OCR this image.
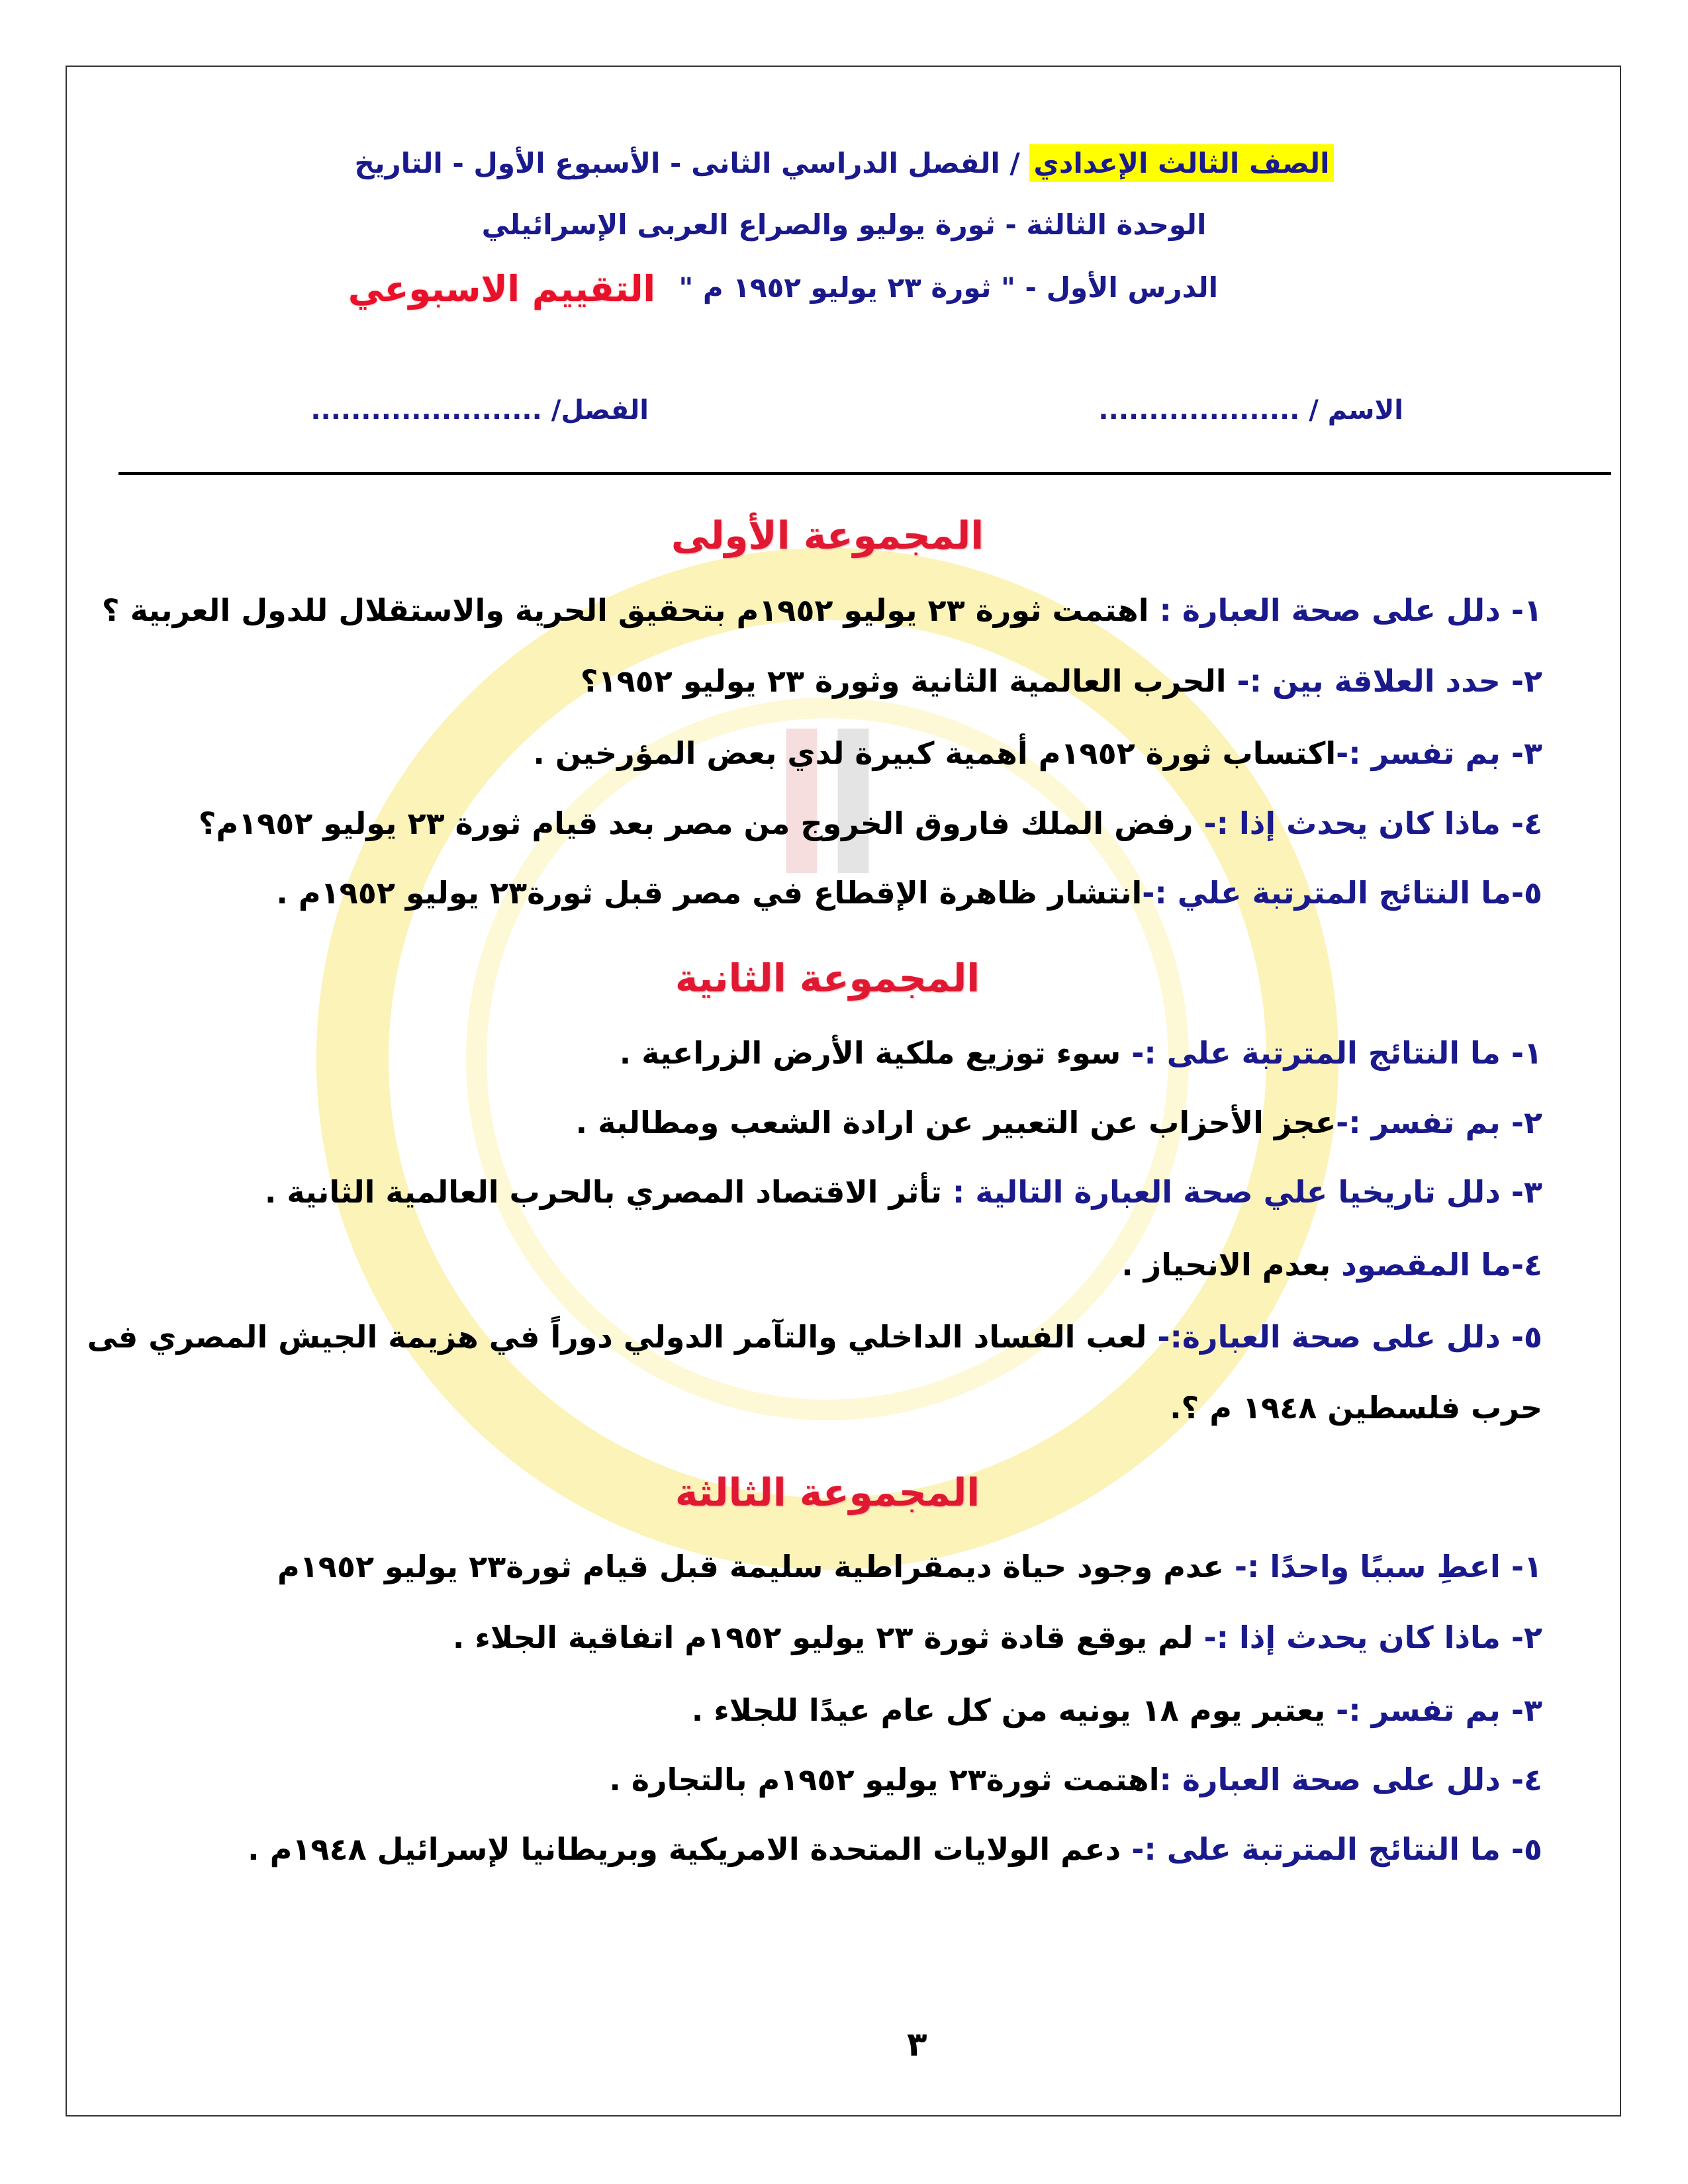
الصف الثالث الإعدادي / الفصل الدراسي الثانى - الأسبوع الأول - التاريخ
الوحدة الثالثة - ثورة يوليو والصراع العربى الإسرائيلي
الدرس الأول - " ثورة ٢٣ يوليو ١٩٥٢ م "
التقييم الاسبوعي
الاسم / ....................
الفصل/ .......................
المجموعة الأولى
١- دلل على صحة العبارة : اهتمت ثورة ٢٣ يوليو ١٩٥٢م بتحقيق الحرية والاستقلال للدول العربية ؟
٢- حدد العلاقة بين :- الحرب العالمية الثانية وثورة ٢٣ يوليو ١٩٥٢؟
٣- بم تفسر :-اكتساب ثورة ١٩٥٢م أهمية كبيرة لدي بعض المؤرخين .
٤- ماذا كان يحدث إذا :- رفض الملك فاروق الخروج من مصر بعد قيام ثورة ٢٣ يوليو ١٩٥٢م؟
٥-ما النتائج المترتبة علي :-انتشار ظاهرة الإقطاع في مصر قبل ثورة٢٣ يوليو ١٩٥٢م .
المجموعة الثانية
١- ما النتائج المترتبة على :- سوء توزيع ملكية الأرض الزراعية .
٢- بم تفسر :-عجز الأحزاب عن التعبير عن ارادة الشعب ومطالبة .
٣- دلل تاريخيا علي صحة العبارة التالية : تأثر الاقتصاد المصري بالحرب العالمية الثانية .
٤-ما المقصود بعدم الانحياز .
٥- دلل على صحة العبارة:- لعب الفساد الداخلي والتآمر الدولي دوراً في هزيمة الجيش المصري فى
حرب فلسطين ١٩٤٨ م ؟.
المجموعة الثالثة
١- اعطِ سببًا واحدًا :- عدم وجود حياة ديمقراطية سليمة قبل قيام ثورة٢٣ يوليو ١٩٥٢م
٢- ماذا كان يحدث إذا :- لم يوقع قادة ثورة ٢٣ يوليو ١٩٥٢م اتفاقية الجلاء .
٣- بم تفسر :- يعتبر يوم ١٨ يونيه من كل عام عيدًا للجلاء .
٤- دلل على صحة العبارة :اهتمت ثورة٢٣ يوليو ١٩٥٢م بالتجارة .
٥- ما النتائج المترتبة على :- دعم الولايات المتحدة الامريكية وبريطانيا لإسرائيل ١٩٤٨م .
٣
